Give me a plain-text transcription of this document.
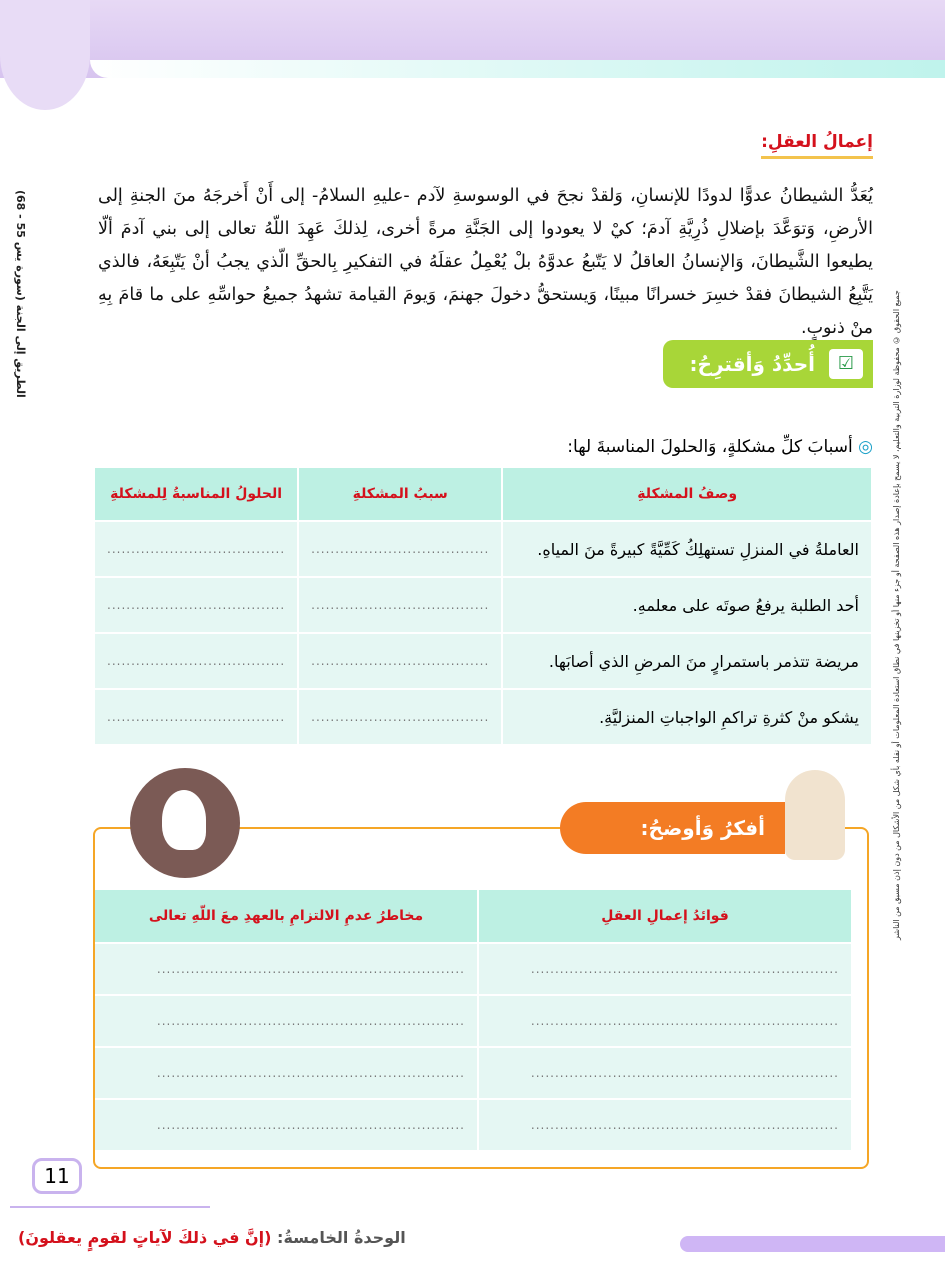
الطريق إلى الجنة (سورة يس 55 - 68)	جميع الحقوق © محفوظة لوزارة التربية والتعليم، لا يسمح بإعادة إصدار هذه الصفحة أو جزء منها أو تخزينها في نطاق استعادة المعلومات أو نقله بأي شكل من الأشكال من دون إذن مسبق من الناشر
إعمالُ العقلِ:

يُعَدُّ الشيطانُ عدوًّا لدودًا للإنسانِ، وَلقدْ نجحَ في الوسوسةِ لآدم -عليهِ السلامُ- إلى أَنْ أَخرجَهُ منَ الجنةِ إلى الأرضِ، وَتوَعَّدَ بإضلالِ ذُرِيَّةِ آدمَ؛ كيْ لا يعودوا إلى الجَنَّةِ مرةً أخرى، لِذلكَ عَهِدَ اللّهُ تعالى إلى بني آدمَ ألّا يطيعوا الشَّيطانَ، وَالإنسانُ العاقلُ لا يَتّبعُ عدوَّهُ بلْ يُعْمِلُ عقلَهُ في التفكيرِ بِالحقِّ الّذي يجبُ أنْ يَتّبِعَهُ، فالذي يَتَّبِعُ الشيطانَ فقدْ خسِرَ خسرانًا مبينًا، وَيستحقُّ دخولَ جهنمَ، وَيومَ القيامة تشهدُ جميعُ حواسِّهِ على ما قامَ بِهِ منْ ذنوبٍ.

☑
أُحدِّدُ وَأقترِحُ:
◎ أسبابَ كلِّ مشكلةٍ، وَالحلولَ المناسبةَ لها:
وصفُ المشكلةِ	سببُ المشكلةِ	الحلولُ المناسبةُ لِلمشكلةِ
العاملةُ في المنزلِ تستهلِكُ كَمِّيَّةً كبيرةً منَ المياهِ.	.....................................	.....................................
أحد الطلبة يرفعُ صوتَه على معلمهِ.	.....................................	.....................................
مريضة تتذمر باستمرارٍ منَ المرضِ الذي أصابَها.	.....................................	.....................................
يشكو منْ كثرةِ تراكمِ الواجباتِ المنزليَّةِ.	.....................................	.....................................
أفكرُ وَأوضحُ:
فوائدُ إعمالِ العقلِ	مخاطرُ عدمِ الالتزامِ بالعهدِ معَ اللّهِ تعالى
................................................................	................................................................
................................................................	................................................................
................................................................	................................................................
................................................................	................................................................
11
الوحدةُ الخامسةُ: (إنَّ في ذلكَ لآياتٍ لقومٍ يعقلونَ)
